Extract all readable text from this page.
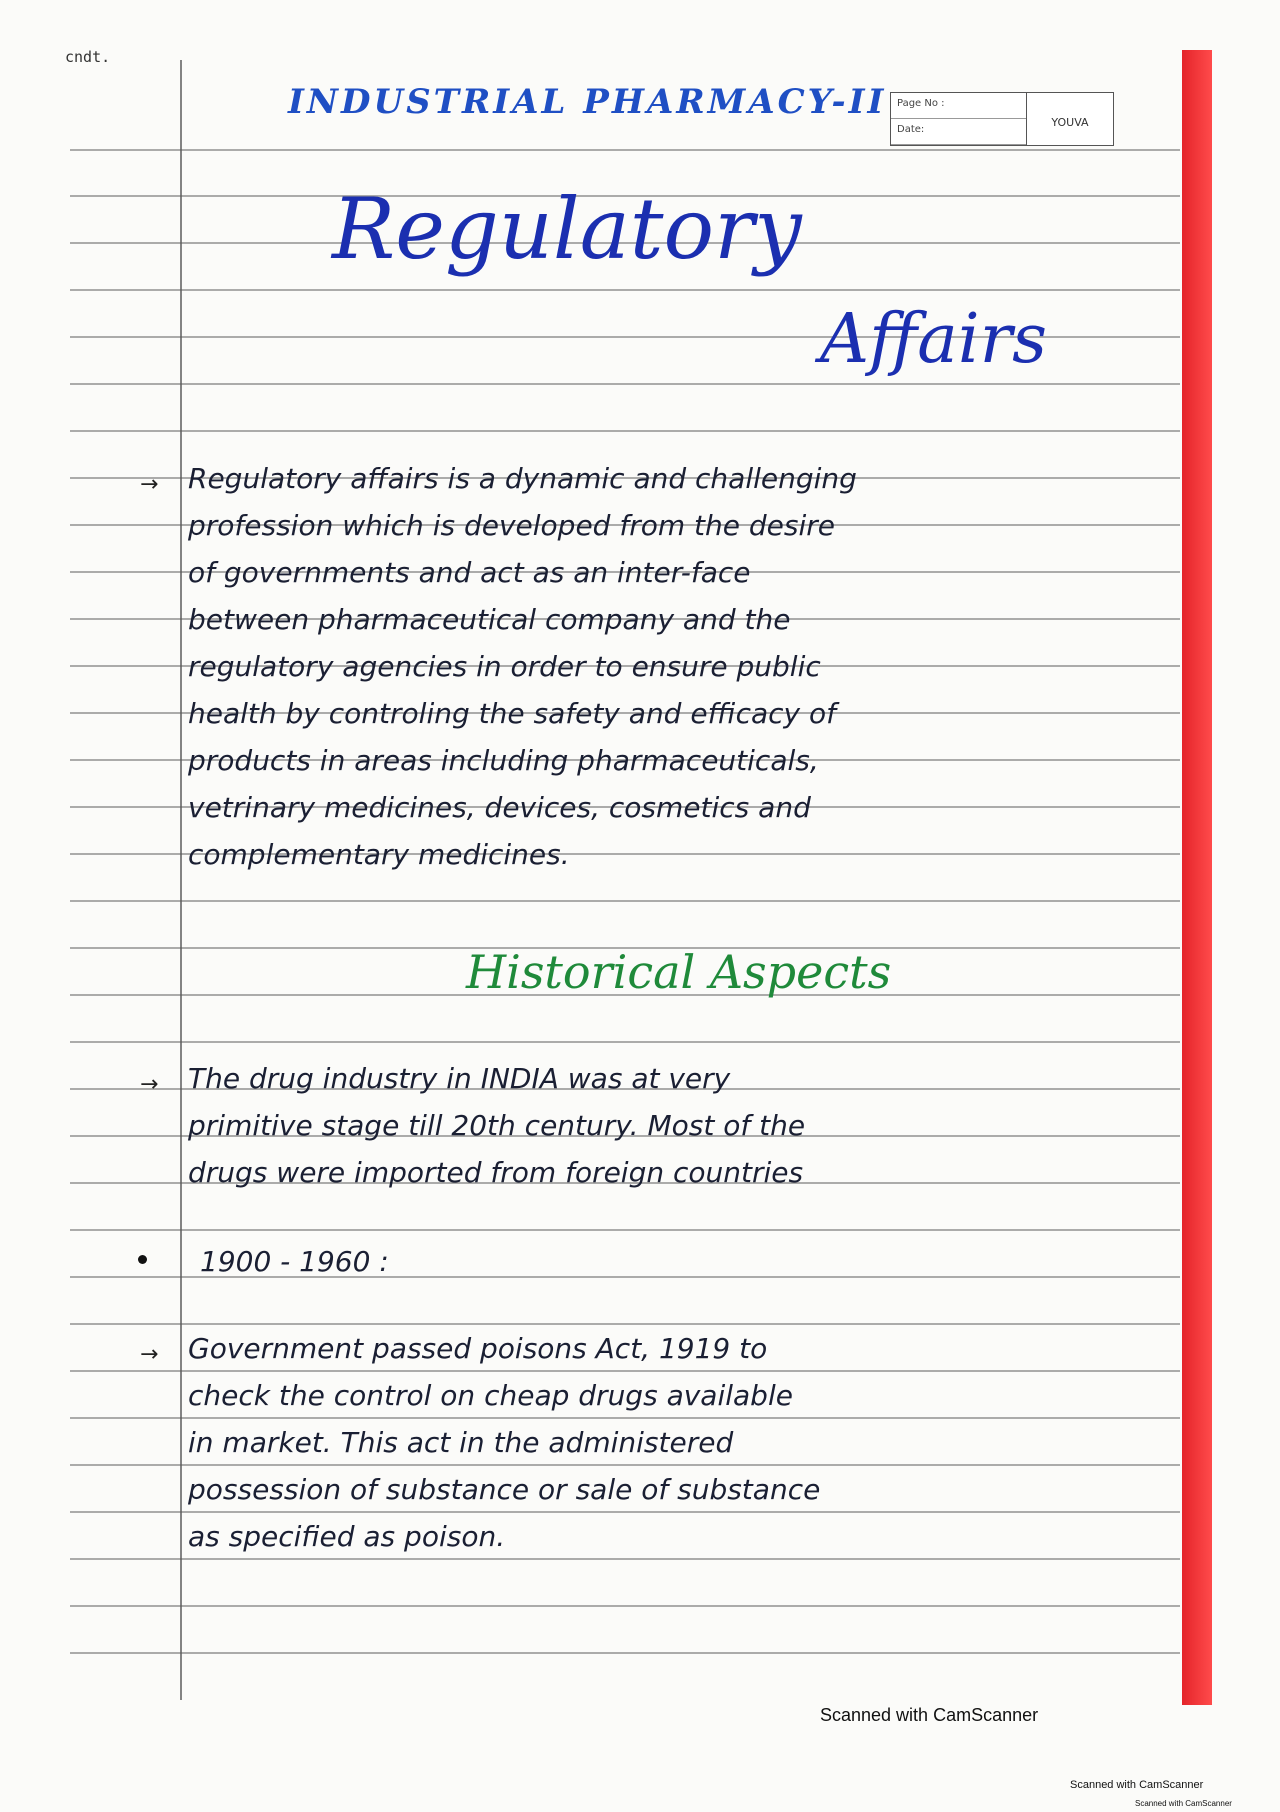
cndt.
INDUSTRIAL PHARMACY-II	Page No :
Date:
YOUVA
Regulatory
Affairs
→ Regulatory affairs is a dynamic and challenging
profession which is developed from the desire
of governments and act as an inter-face
between pharmaceutical company and the
regulatory agencies in order to ensure public
health by controling the safety and efficacy of
products in areas including pharmaceuticals,
vetrinary medicines, devices, cosmetics and
complementary medicines.
Historical Aspects
→ The drug industry in INDIA was at very
primitive stage till 20th century. Most of the
drugs were imported from foreign countries
1900 - 1960 :
→ Government passed poisons Act, 1919 to
check the control on cheap drugs available
in market. This act in the administered
possession of substance or sale of substance
as specified as poison.
Scanned with CamScanner
Scanned with CamScanner
Scanned with CamScanner
